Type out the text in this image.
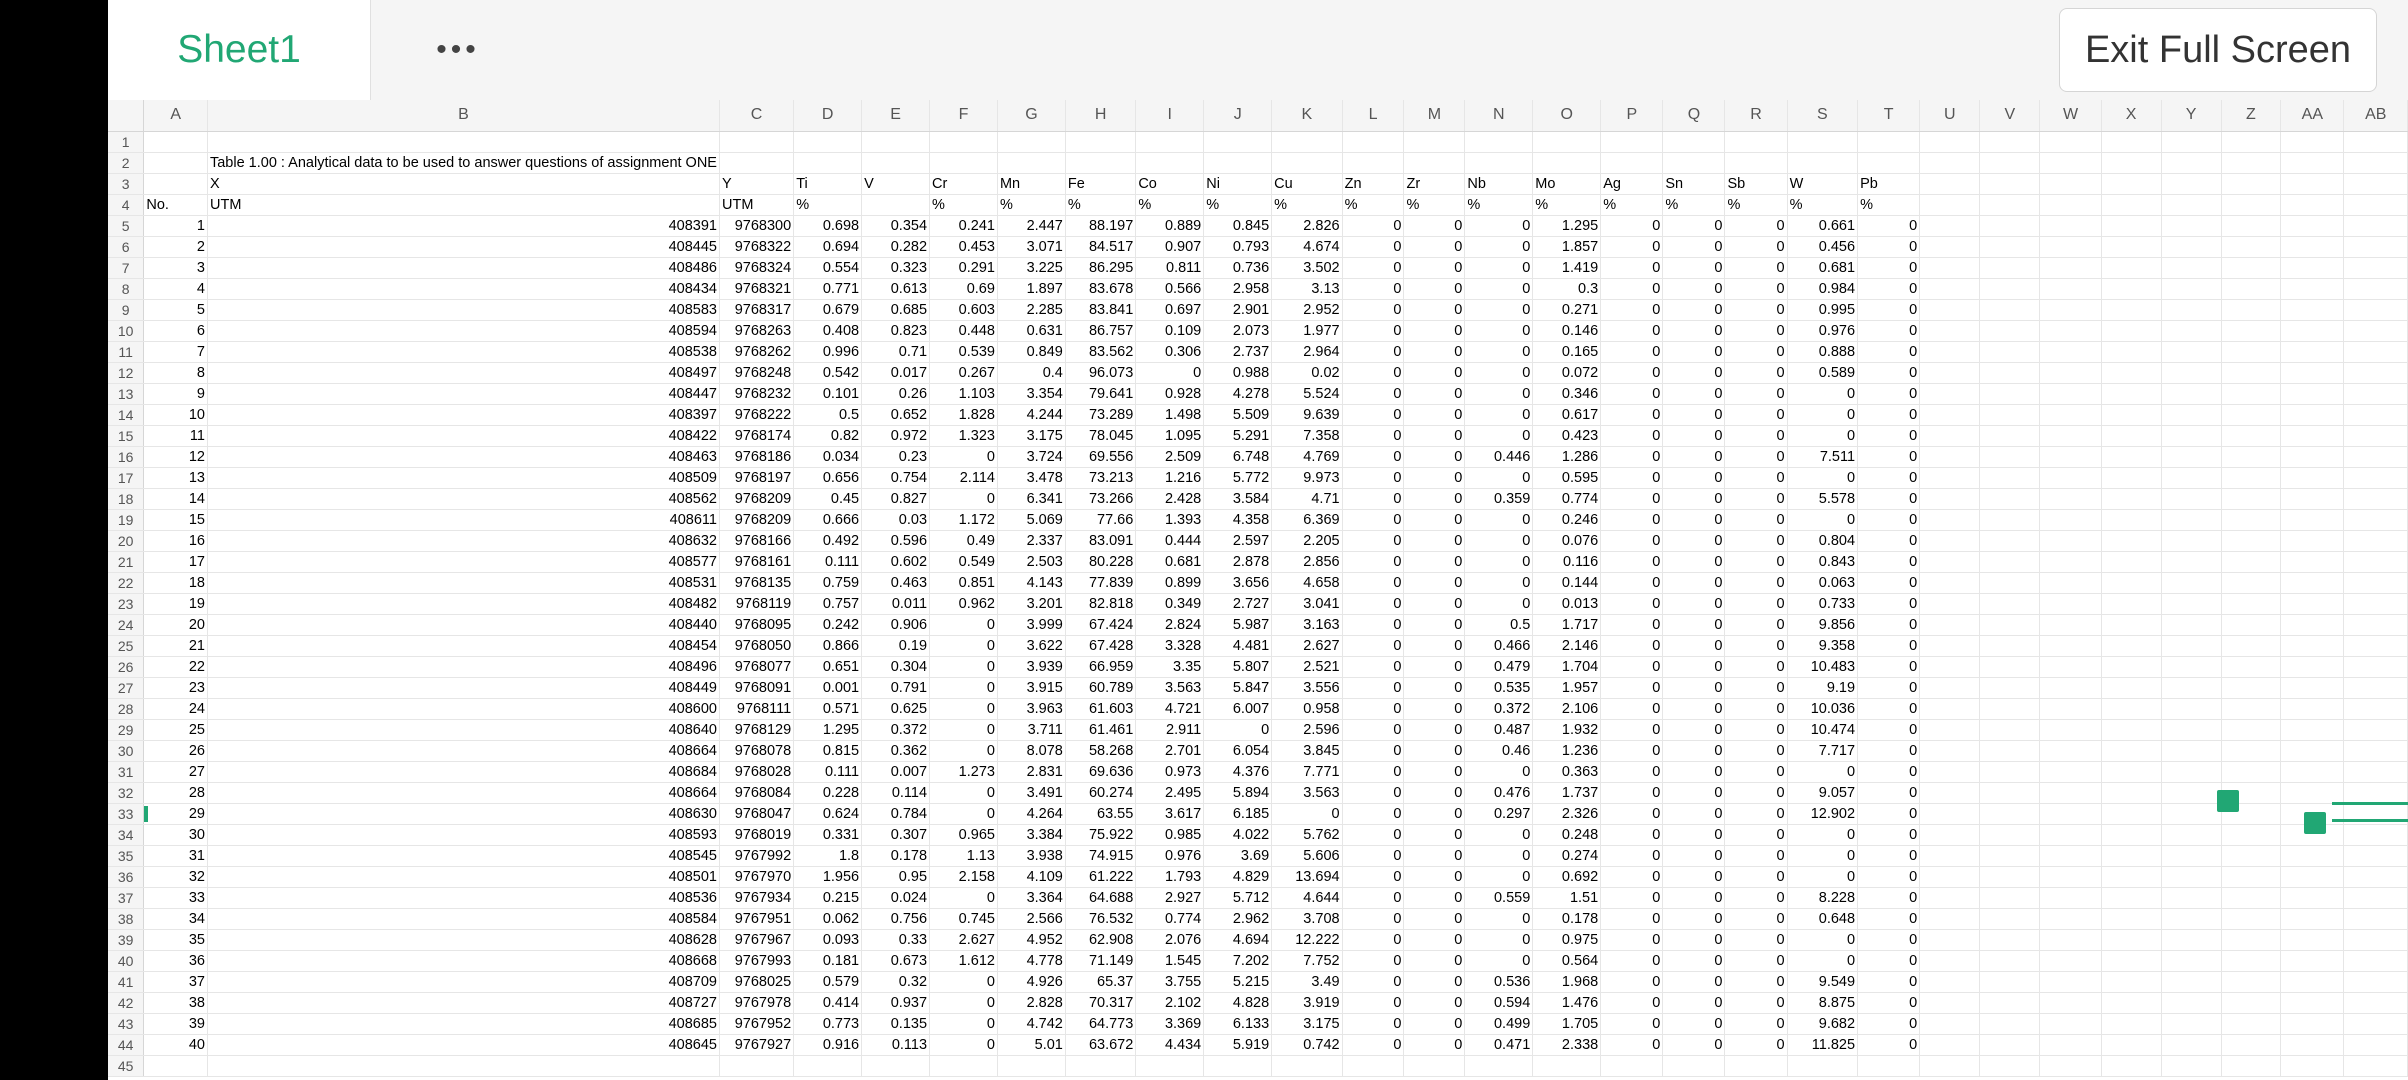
Sheet1	•••	Exit Full Screen
	A	B	C	D	E	F	G	H	I	J	K	L	M	N	O	P	Q	R	S	T	U	V	W	X	Y	Z	AA	AB
1																												
2		Table 1.00 : Analytical data to be used to answer questions of assignment ONE																										
3		X	Y	Ti	V	Cr	Mn	Fe	Co	Ni	Cu	Zn	Zr	Nb	Mo	Ag	Sn	Sb	W	Pb								
4	No.	UTM	UTM	%		%	%	%	%	%	%	%	%	%	%	%	%	%	%	%								
5	1	408391	9768300	0.698	0.354	0.241	2.447	88.197	0.889	0.845	2.826	0	0	0	1.295	0	0	0	0.661	0								
6	2	408445	9768322	0.694	0.282	0.453	3.071	84.517	0.907	0.793	4.674	0	0	0	1.857	0	0	0	0.456	0								
7	3	408486	9768324	0.554	0.323	0.291	3.225	86.295	0.811	0.736	3.502	0	0	0	1.419	0	0	0	0.681	0								
8	4	408434	9768321	0.771	0.613	0.69	1.897	83.678	0.566	2.958	3.13	0	0	0	0.3	0	0	0	0.984	0								
9	5	408583	9768317	0.679	0.685	0.603	2.285	83.841	0.697	2.901	2.952	0	0	0	0.271	0	0	0	0.995	0								
10	6	408594	9768263	0.408	0.823	0.448	0.631	86.757	0.109	2.073	1.977	0	0	0	0.146	0	0	0	0.976	0								
11	7	408538	9768262	0.996	0.71	0.539	0.849	83.562	0.306	2.737	2.964	0	0	0	0.165	0	0	0	0.888	0								
12	8	408497	9768248	0.542	0.017	0.267	0.4	96.073	0	0.988	0.02	0	0	0	0.072	0	0	0	0.589	0								
13	9	408447	9768232	0.101	0.26	1.103	3.354	79.641	0.928	4.278	5.524	0	0	0	0.346	0	0	0	0	0								
14	10	408397	9768222	0.5	0.652	1.828	4.244	73.289	1.498	5.509	9.639	0	0	0	0.617	0	0	0	0	0								
15	11	408422	9768174	0.82	0.972	1.323	3.175	78.045	1.095	5.291	7.358	0	0	0	0.423	0	0	0	0	0								
16	12	408463	9768186	0.034	0.23	0	3.724	69.556	2.509	6.748	4.769	0	0	0.446	1.286	0	0	0	7.511	0								
17	13	408509	9768197	0.656	0.754	2.114	3.478	73.213	1.216	5.772	9.973	0	0	0	0.595	0	0	0	0	0								
18	14	408562	9768209	0.45	0.827	0	6.341	73.266	2.428	3.584	4.71	0	0	0.359	0.774	0	0	0	5.578	0								
19	15	408611	9768209	0.666	0.03	1.172	5.069	77.66	1.393	4.358	6.369	0	0	0	0.246	0	0	0	0	0								
20	16	408632	9768166	0.492	0.596	0.49	2.337	83.091	0.444	2.597	2.205	0	0	0	0.076	0	0	0	0.804	0								
21	17	408577	9768161	0.111	0.602	0.549	2.503	80.228	0.681	2.878	2.856	0	0	0	0.116	0	0	0	0.843	0								
22	18	408531	9768135	0.759	0.463	0.851	4.143	77.839	0.899	3.656	4.658	0	0	0	0.144	0	0	0	0.063	0								
23	19	408482	9768119	0.757	0.011	0.962	3.201	82.818	0.349	2.727	3.041	0	0	0	0.013	0	0	0	0.733	0								
24	20	408440	9768095	0.242	0.906	0	3.999	67.424	2.824	5.987	3.163	0	0	0.5	1.717	0	0	0	9.856	0								
25	21	408454	9768050	0.866	0.19	0	3.622	67.428	3.328	4.481	2.627	0	0	0.466	2.146	0	0	0	9.358	0								
26	22	408496	9768077	0.651	0.304	0	3.939	66.959	3.35	5.807	2.521	0	0	0.479	1.704	0	0	0	10.483	0								
27	23	408449	9768091	0.001	0.791	0	3.915	60.789	3.563	5.847	3.556	0	0	0.535	1.957	0	0	0	9.19	0								
28	24	408600	9768111	0.571	0.625	0	3.963	61.603	4.721	6.007	0.958	0	0	0.372	2.106	0	0	0	10.036	0								
29	25	408640	9768129	1.295	0.372	0	3.711	61.461	2.911	0	2.596	0	0	0.487	1.932	0	0	0	10.474	0								
30	26	408664	9768078	0.815	0.362	0	8.078	58.268	2.701	6.054	3.845	0	0	0.46	1.236	0	0	0	7.717	0								
31	27	408684	9768028	0.111	0.007	1.273	2.831	69.636	0.973	4.376	7.771	0	0	0	0.363	0	0	0	0	0								
32	28	408664	9768084	0.228	0.114	0	3.491	60.274	2.495	5.894	3.563	0	0	0.476	1.737	0	0	0	9.057	0								
33	29	408630	9768047	0.624	0.784	0	4.264	63.55	3.617	6.185	0	0	0	0.297	2.326	0	0	0	12.902	0								
34	30	408593	9768019	0.331	0.307	0.965	3.384	75.922	0.985	4.022	5.762	0	0	0	0.248	0	0	0	0	0								
35	31	408545	9767992	1.8	0.178	1.13	3.938	74.915	0.976	3.69	5.606	0	0	0	0.274	0	0	0	0	0								
36	32	408501	9767970	1.956	0.95	2.158	4.109	61.222	1.793	4.829	13.694	0	0	0	0.692	0	0	0	0	0								
37	33	408536	9767934	0.215	0.024	0	3.364	64.688	2.927	5.712	4.644	0	0	0.559	1.51	0	0	0	8.228	0								
38	34	408584	9767951	0.062	0.756	0.745	2.566	76.532	0.774	2.962	3.708	0	0	0	0.178	0	0	0	0.648	0								
39	35	408628	9767967	0.093	0.33	2.627	4.952	62.908	2.076	4.694	12.222	0	0	0	0.975	0	0	0	0	0								
40	36	408668	9767993	0.181	0.673	1.612	4.778	71.149	1.545	7.202	7.752	0	0	0	0.564	0	0	0	0	0								
41	37	408709	9768025	0.579	0.32	0	4.926	65.37	3.755	5.215	3.49	0	0	0.536	1.968	0	0	0	9.549	0								
42	38	408727	9767978	0.414	0.937	0	2.828	70.317	2.102	4.828	3.919	0	0	0.594	1.476	0	0	0	8.875	0								
43	39	408685	9767952	0.773	0.135	0	4.742	64.773	3.369	6.133	3.175	0	0	0.499	1.705	0	0	0	9.682	0								
44	40	408645	9767927	0.916	0.113	0	5.01	63.672	4.434	5.919	0.742	0	0	0.471	2.338	0	0	0	11.825	0								
45																												
